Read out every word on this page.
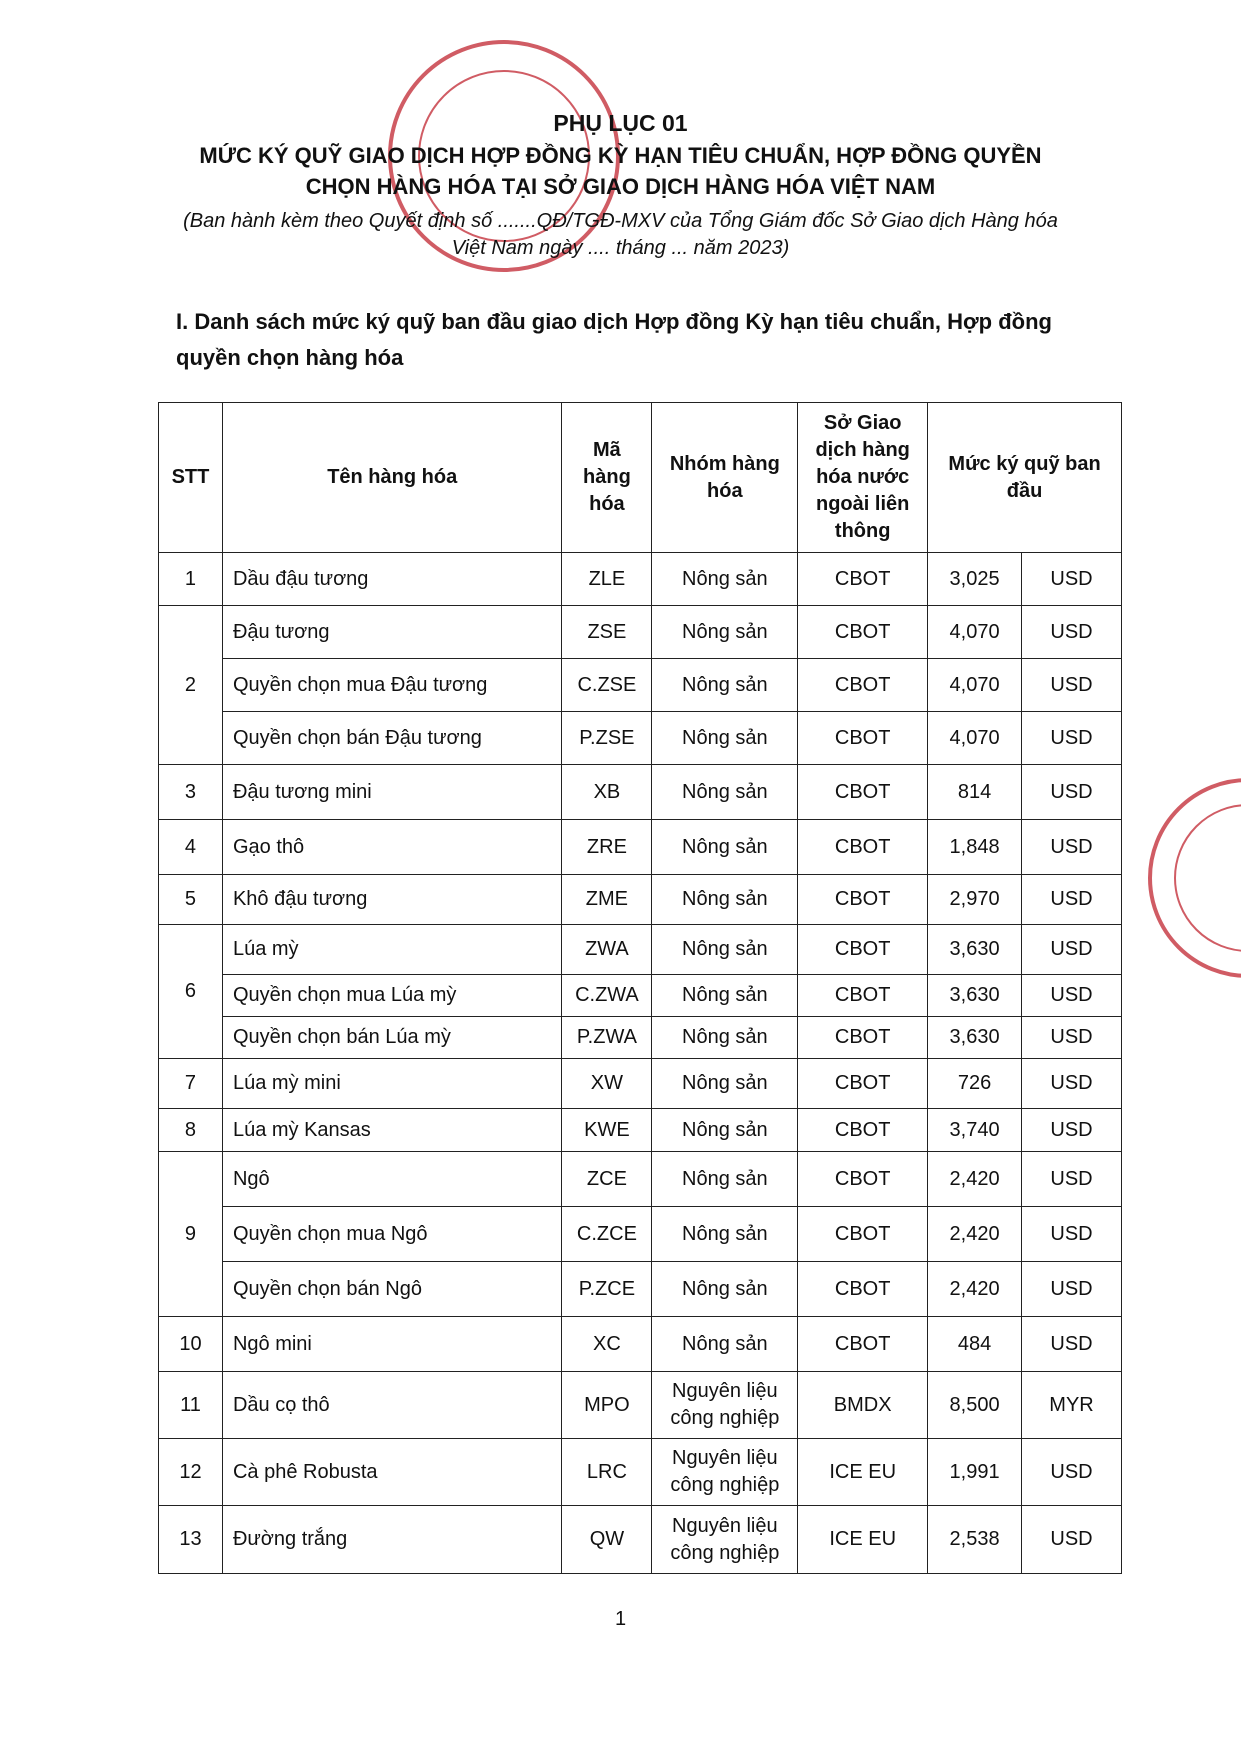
PHỤ LỤC 01
MỨC KÝ QUỸ GIAO DỊCH HỢP ĐỒNG KỲ HẠN TIÊU CHUẨN, HỢP ĐỒNG QUYỀN
CHỌN HÀNG HÓA TẠI SỞ GIAO DỊCH HÀNG HÓA VIỆT NAM
(Ban hành kèm theo Quyết định số .......QĐ/TGĐ-MXV của Tổng Giám đốc Sở Giao dịch Hàng hóa
Việt Nam ngày .... tháng ... năm 2023)
I. Danh sách mức ký quỹ ban đầu giao dịch Hợp đồng Kỳ hạn tiêu chuẩn, Hợp đồng quyền chọn hàng hóa
STT	Tên hàng hóa	Mã hàng hóa	Nhóm hàng hóa	Sở Giao dịch hàng hóa nước ngoài liên thông	Mức ký quỹ ban đầu	
1	Dầu đậu tương	ZLE	Nông sản	CBOT	3,025	USD
2	Đậu tương	ZSE	Nông sản	CBOT	4,070	USD
	Quyền chọn mua Đậu tương	C.ZSE	Nông sản	CBOT	4,070	USD
	Quyền chọn bán Đậu tương	P.ZSE	Nông sản	CBOT	4,070	USD
3	Đậu tương mini	XB	Nông sản	CBOT	814	USD
4	Gạo thô	ZRE	Nông sản	CBOT	1,848	USD
5	Khô đậu tương	ZME	Nông sản	CBOT	2,970	USD
6	Lúa mỳ	ZWA	Nông sản	CBOT	3,630	USD
	Quyền chọn mua Lúa mỳ	C.ZWA	Nông sản	CBOT	3,630	USD
	Quyền chọn bán Lúa mỳ	P.ZWA	Nông sản	CBOT	3,630	USD
7	Lúa mỳ mini	XW	Nông sản	CBOT	726	USD
8	Lúa mỳ Kansas	KWE	Nông sản	CBOT	3,740	USD
9	Ngô	ZCE	Nông sản	CBOT	2,420	USD
	Quyền chọn mua Ngô	C.ZCE	Nông sản	CBOT	2,420	USD
	Quyền chọn bán Ngô	P.ZCE	Nông sản	CBOT	2,420	USD
10	Ngô mini	XC	Nông sản	CBOT	484	USD
11	Dầu cọ thô	MPO	Nguyên liệu công nghiệp	BMDX	8,500	MYR
12	Cà phê Robusta	LRC	Nguyên liệu công nghiệp	ICE EU	1,991	USD
13	Đường trắng	QW	Nguyên liệu công nghiệp	ICE EU	2,538	USD
1
